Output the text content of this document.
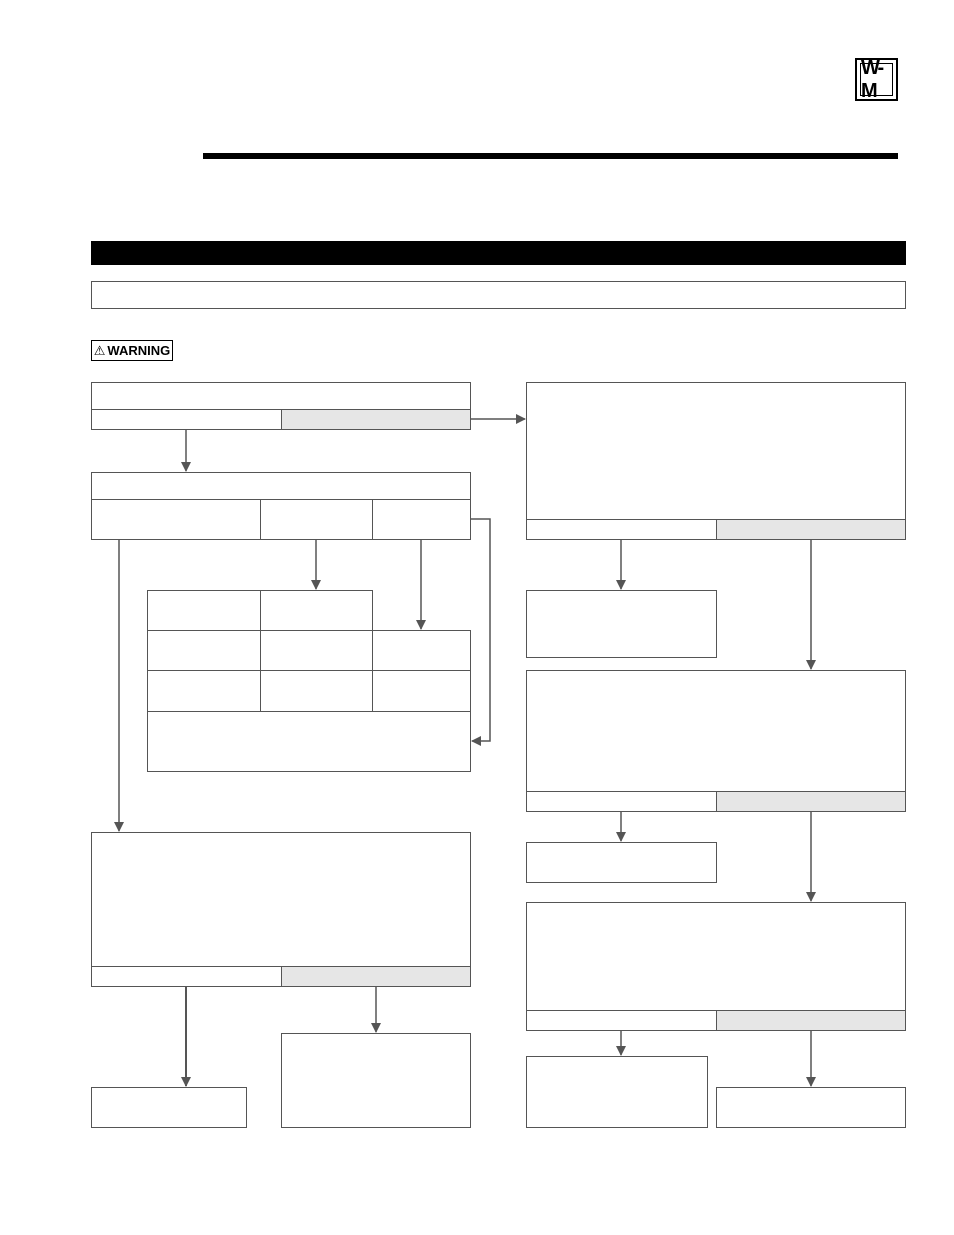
W-M
⚠ WARNING
